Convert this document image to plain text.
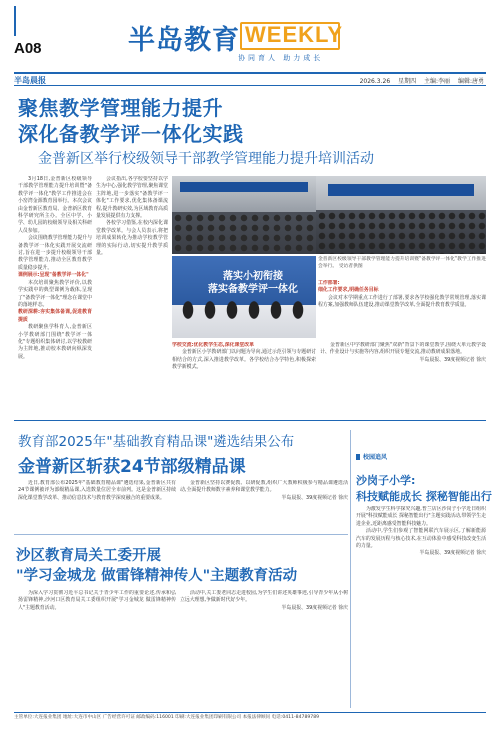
A08	半岛教育 WEEKLY
协同育人 助力成长
半岛晨报	2026.3.26 星期四 主编:李丽 编辑:唐勇
聚焦教学管理能力提升
深化备教学评一体化实践
金普新区举行校级领导干部教学管理能力提升培训活动

3月18日,金普新区校级领导干部教学管理能力提升培训暨"备教学评一体化"教学工作推进会在小窑湾金源教育园举行。本次会议由金普新区教育局、金普新区教育科学研究所主办。全区中学、小学、幼儿园的校级领导及相关科研人员参加。

会议围绕教学管理能力提升与备教学评一体化实践开展交流研讨,旨在进一步提升校级领导干部教学管理能力,推动全区教育教学质量稳步提升。

课例展示:呈现"备教学评一体化"

本次培训聚焦教学评价,以教学实践中的典型课例为载体,呈现了"备教学评一体化"理念在课堂中的落地样态。

教研深耕:夯实集体备课,促进教育提质

教研聚焦学科育人,金普新区小学教研部门围绕"教学评一体化"专题组织集体研讨,以学校教研为主阵地,推动校本教研向纵深发展。

会议指出,各学校要坚持以学生为中心,强化教学管理,聚焦课堂主阵地,进一步落实"备教学评一体化"工作要求,优化集体备课流程,提升教研实效,为区域教育高质量发展提供有力支撑。

各校学习借鉴,在校内深化课堂教学改革。与会人员表示,将把培训成果转化为推动学校教学管理的实际行动,切实提升教学质量。

落实小初衔接
落实备教学评一体化
金普新区校级领导干部教学管理能力提升培训暨"备教学评一体化"教学工作推进会举行。 受访者供图

工作部署:

细化工作要求,明确任务目标

会议对本学期重点工作进行了部署,要求各学校强化教学常规管理,落实课程方案,加强教师队伍建设,推动课堂教学改革,全面提升教育教学质量。

学校交流:优化教学生态,深化课堂改革

金普新区小学教研部门以问题为导向,通过示范引领与专题研讨相结合的方式,深入推进教学改革。各学校结合办学特色,积极探索教学新模式。

金普新区中学教研部门聚焦"双新"背景下的课堂教学,围绕大单元教学设计、作业设计与实施等内容,组织开展专题交流,推动教研成果落地。

半岛晨报、39度视频记者 徐庆

教育部2025年"基础教育精品课"遴选结果公布
金普新区斩获24节部级精品课

近日,教育部公布2025年"基础教育精品课"遴选结果,金普新区共有24节课例被评为部级精品课,入选数量位居全市前列。这是金普新区持续深化课堂教学改革、推动信息技术与教育教学深度融合的重要成果。

金普新区坚持以赛促教、以研促教,组织广大教师积极参与精品课遴选活动,全面提升教师数字素养和课堂教学能力。

半岛晨报、39度视频记者 徐庆

沙区教育局关工委开展
"学习金城龙 做雷锋精神传人"主题教育活动

为深入学习贯彻习近平总书记关于青少年工作的重要论述,传承和弘扬雷锋精神,沙河口区教育局关工委组织开展"学习金城龙 做雷锋精神传人"主题教育活动。

活动中,关工委老同志走进校园,为学生们讲述英雄事迹,引导青少年从小树立远大理想,争做新时代好少年。

半岛晨报、39度视频记者 徐庆

校园追风
沙岗子小学:
科技赋能成长 探秘智能出行

为激发学生科学探究兴趣,普兰店区沙岗子小学近日组织开展"科技赋能成长 探秘智能出行"主题实践活动,带领学生走进企业,近距离感受智能科技魅力。

活动中,学生们参观了智能网联汽车展示区,了解新能源汽车的发展历程与核心技术,在互动体验中感受科技改变生活的力量。

半岛晨报、39度视频记者 徐庆

主管单位:大连报业集团 地址:大连市中山区 广告经营许可证 邮政编码:116001 印刷:大连报业集团印刷有限公司 本报法律顾问 电话:0411-84789789
